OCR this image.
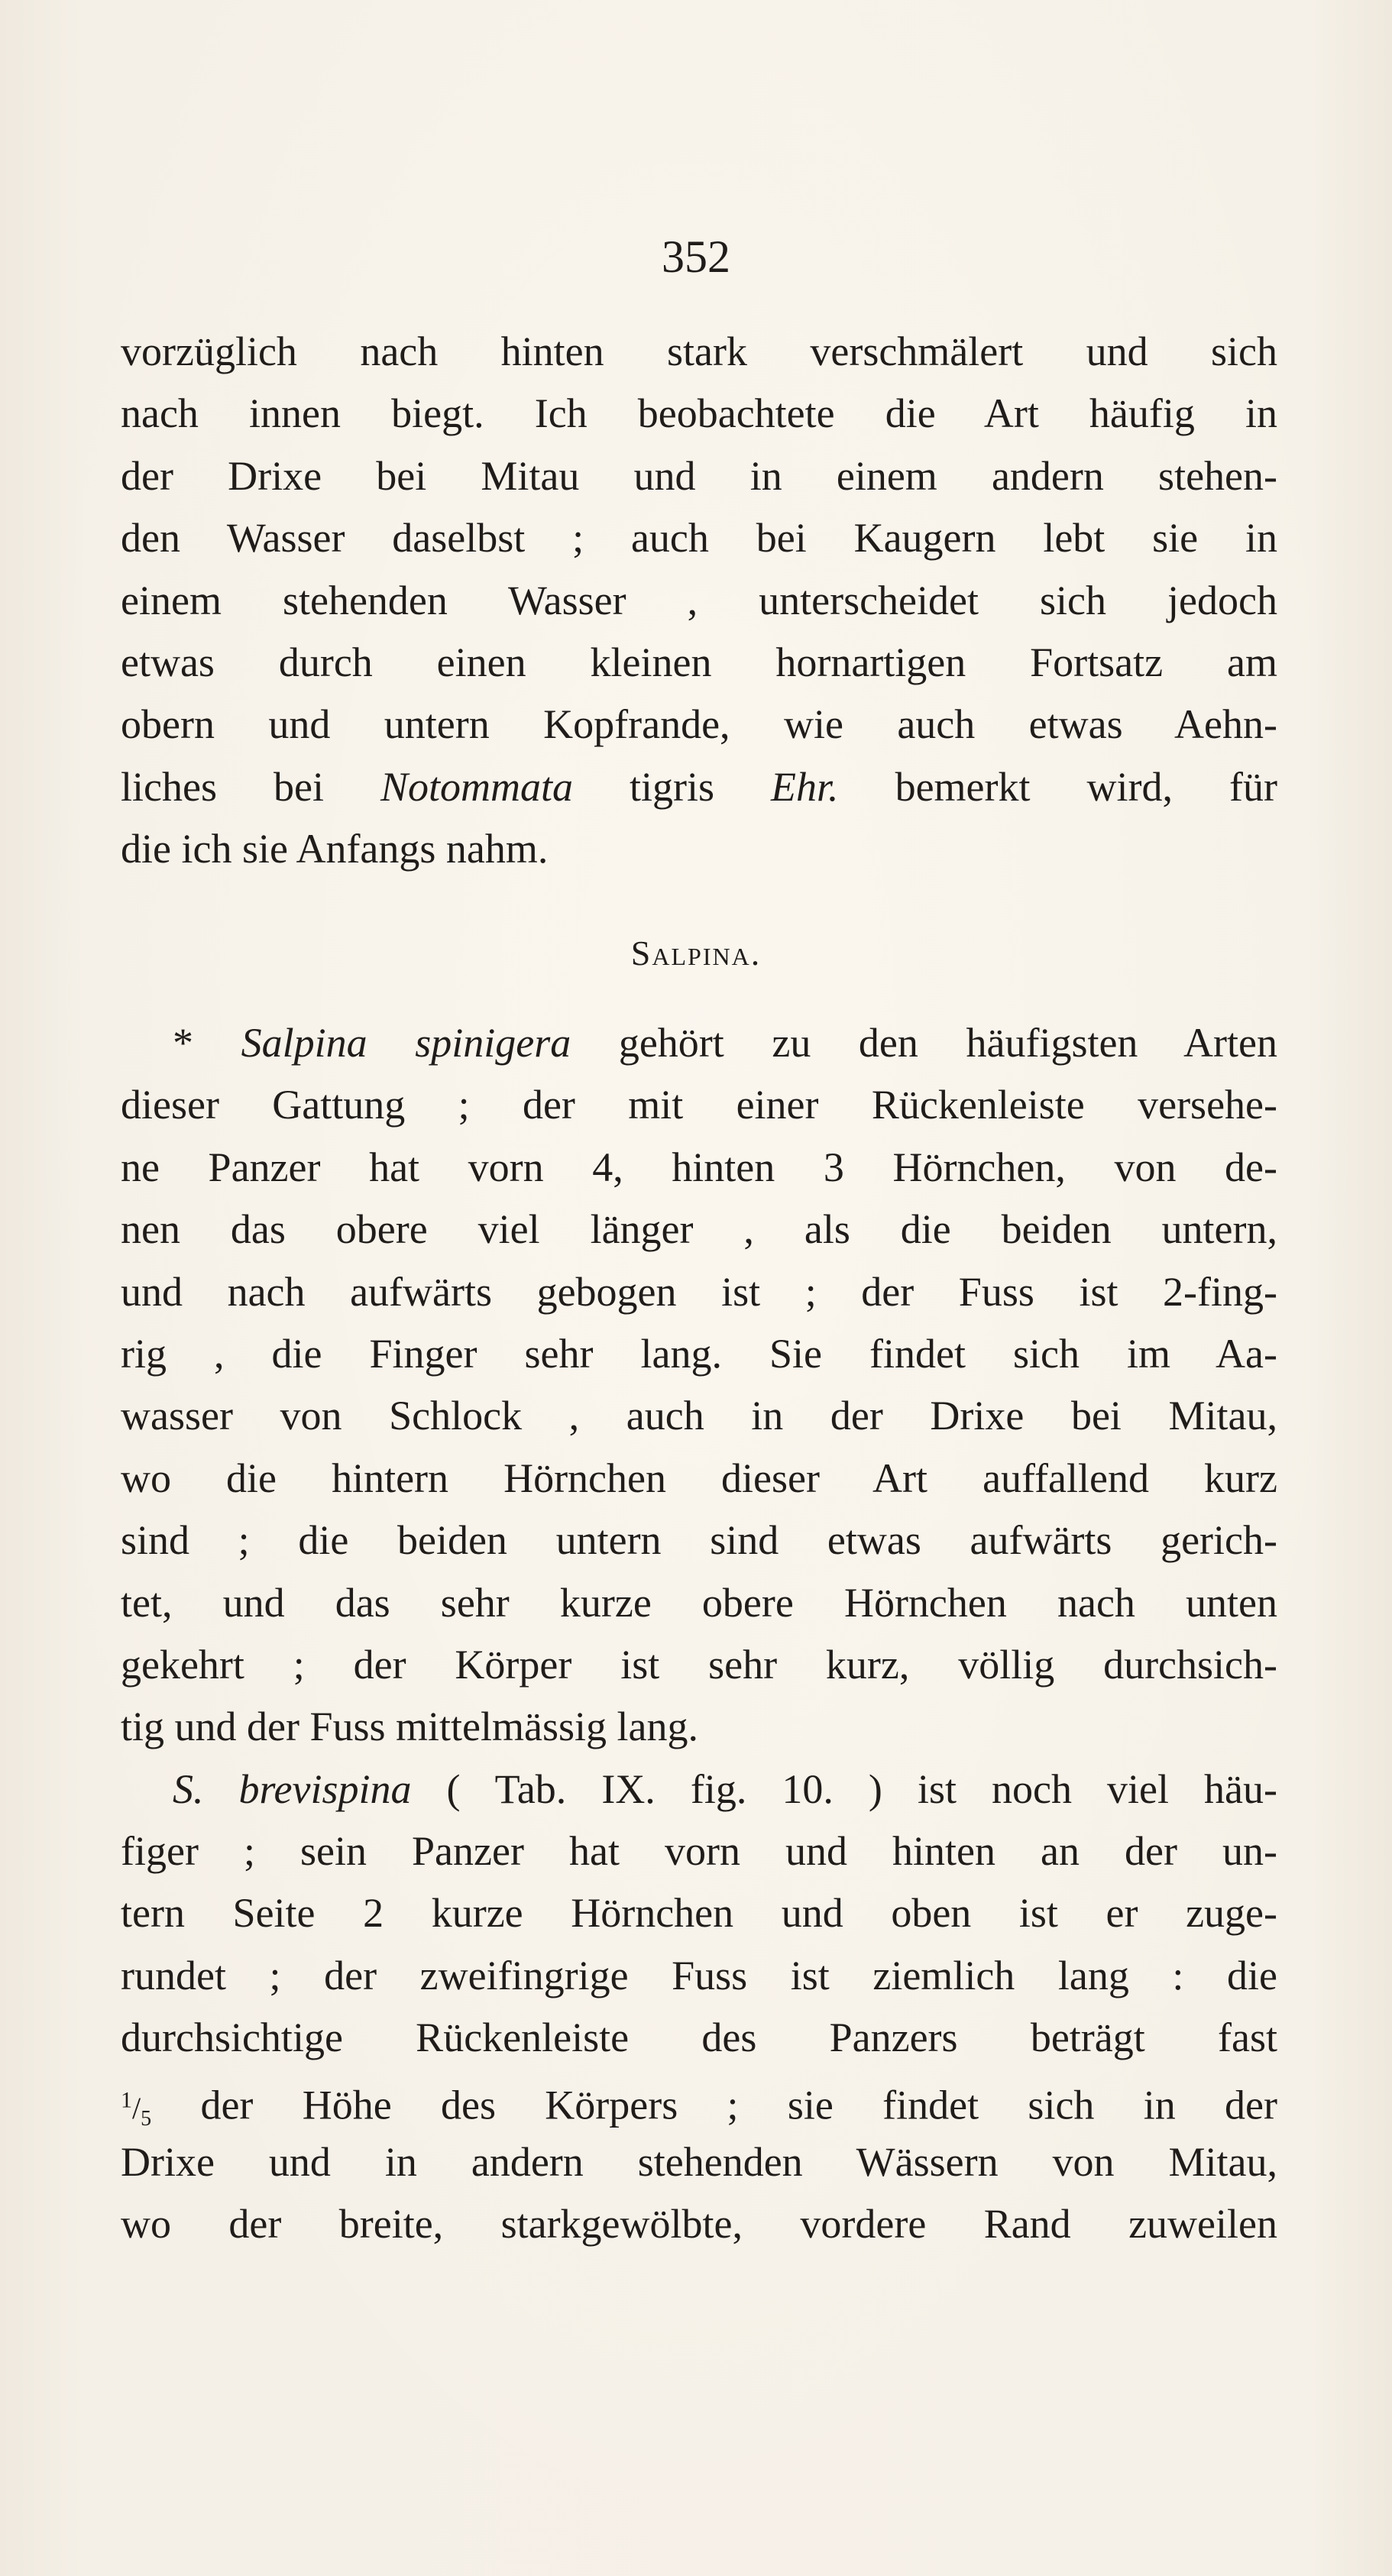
352
vorzüglich nach hinten stark verschmälert und sich
nach innen biegt. Ich beobachtete die Art häufig in
der Drixe bei Mitau und in einem andern stehen-
den Wasser daselbst ; auch bei Kaugern lebt sie in
einem stehenden Wasser , unterscheidet sich jedoch
etwas durch einen kleinen hornartigen Fortsatz am
obern und untern Kopfrande, wie auch etwas Aehn-
liches bei Notommata tigris Ehr. bemerkt wird, für
die ich sie Anfangs nahm.
Salpina.
* Salpina spinigera gehört zu den häufigsten Arten
dieser Gattung ; der mit einer Rückenleiste versehe-
ne Panzer hat vorn 4, hinten 3 Hörnchen, von de-
nen das obere viel länger , als die beiden untern,
und nach aufwärts gebogen ist ; der Fuss ist 2-fing-
rig , die Finger sehr lang. Sie findet sich im Aa-
wasser von Schlock , auch in der Drixe bei Mitau,
wo die hintern Hörnchen dieser Art auffallend kurz
sind ; die beiden untern sind etwas aufwärts gerich-
tet, und das sehr kurze obere Hörnchen nach unten
gekehrt ; der Körper ist sehr kurz, völlig durchsich-
tig und der Fuss mittelmässig lang.
S. brevispina ( Tab. IX. fig. 10. ) ist noch viel häu-
figer ; sein Panzer hat vorn und hinten an der un-
tern Seite 2 kurze Hörnchen und oben ist er zuge-
rundet ; der zweifingrige Fuss ist ziemlich lang : die
durchsichtige Rückenleiste des Panzers beträgt fast
$^1/_5$ der Höhe des Körpers ; sie findet sich in der
Drixe und in andern stehenden Wässern von Mitau,
wo der breite, starkgewölbte, vordere Rand zuweilen
